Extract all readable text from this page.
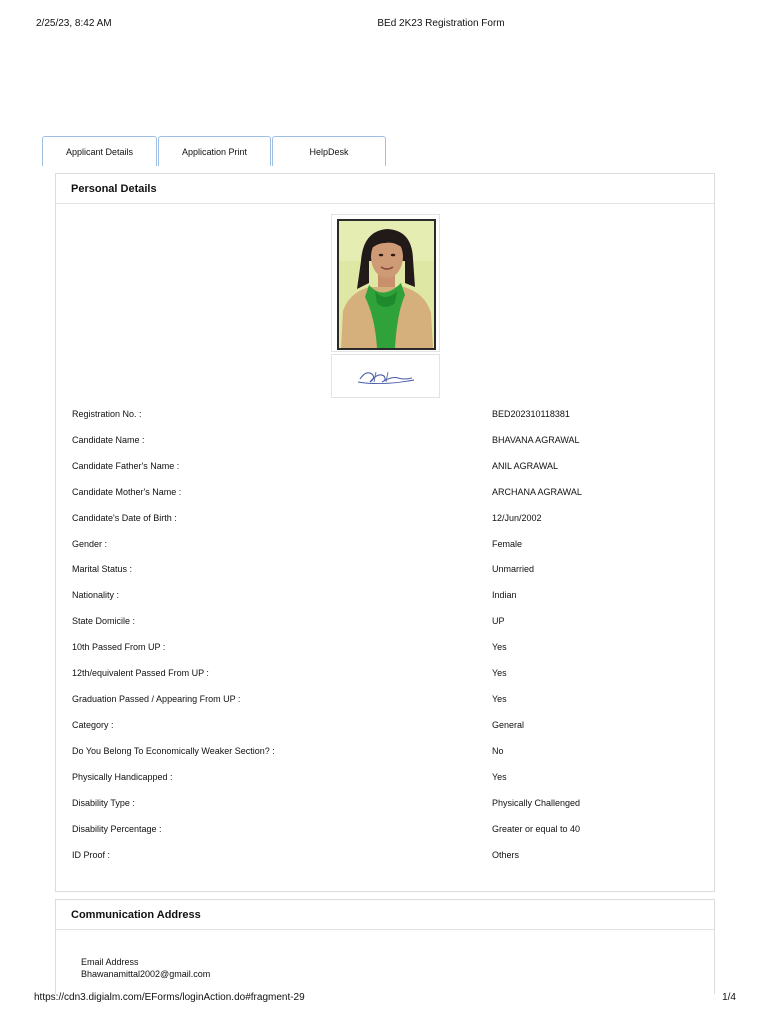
2/25/23, 8:42 AM	BEd 2K23 Registration Form
Applicant Details	Application Print	HelpDesk
Personal Details
Registration No. :	BED202310118381
Candidate Name :	BHAVANA AGRAWAL
Candidate Father's Name :	ANIL AGRAWAL
Candidate Mother's Name :	ARCHANA AGRAWAL
Candidate's Date of Birth :	12/Jun/2002
Gender :	Female
Marital Status :	Unmarried
Nationality :	Indian
State Domicile :	UP
10th Passed From UP :	Yes
12th/equivalent Passed From UP :	Yes
Graduation Passed / Appearing From UP :	Yes
Category :	General
Do You Belong To Economically Weaker Section? :	No
Physically Handicapped :	Yes
Disability Type :	Physically Challenged
Disability Percentage :	Greater or equal to 40
ID Proof :	Others
Communication Address
Email Address
Bhawanamittal2002@gmail.com
https://cdn3.digialm.com/EForms/loginAction.do#fragment-29	1/4
